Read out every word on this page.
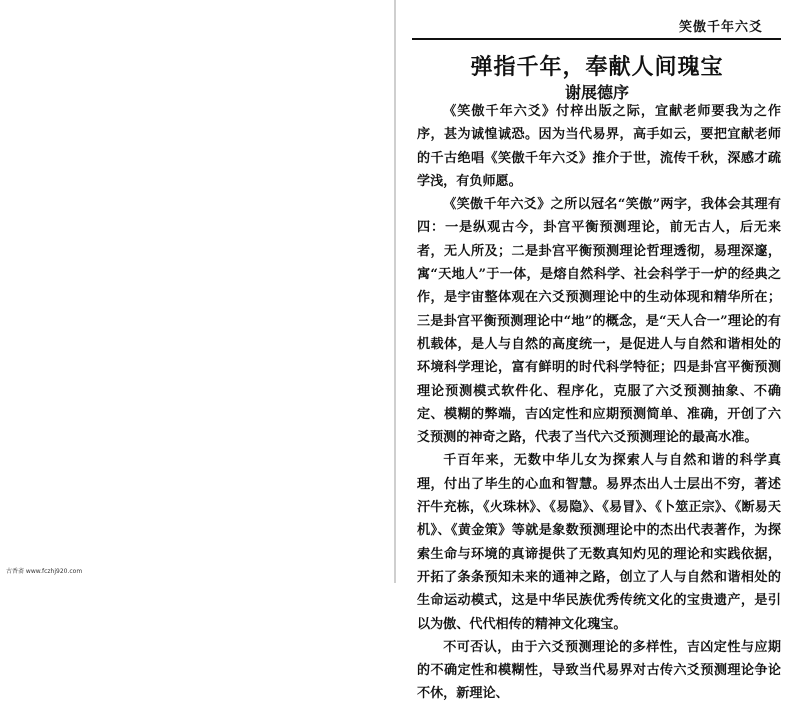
笑傲千年六爻
弹指千年，奉献人间瑰宝
谢展德序

《笑傲千年六爻》付梓出版之际，宜献老师要我为之作序，甚为诚惶诚恐。因为当代易界，高手如云，要把宜献老师的千古绝唱《笑傲千年六爻》推介于世，流传千秋，深感才疏学浅，有负师愿。

《笑傲千年六爻》之所以冠名“笑傲”两字，我体会其理有四：一是纵观古今，卦宫平衡预测理论，前无古人，后无来者，无人所及；二是卦宫平衡预测理论哲理透彻，易理深邃，寓“天地人”于一体，是熔自然科学、社会科学于一炉的经典之作，是宇宙整体观在六爻预测理论中的生动体现和精华所在；三是卦宫平衡预测理论中“地”的概念，是“天人合一”理论的有机载体，是人与自然的高度统一，是促进人与自然和谐相处的环境科学理论，富有鲜明的时代科学特征；四是卦宫平衡预测理论预测模式软件化、程序化，克服了六爻预测抽象、不确定、模糊的弊端，吉凶定性和应期预测简单、准确，开创了六爻预测的神奇之路，代表了当代六爻预测理论的最高水准。

千百年来，无数中华儿女为探索人与自然和谐的科学真理，付出了毕生的心血和智慧。易界杰出人士层出不穷，著述汗牛充栋，《火珠林》、《易隐》、《易冒》、《卜筮正宗》、《断易天机》、《黄金策》等就是象数预测理论中的杰出代表著作，为探索生命与环境的真谛提供了无数真知灼见的理论和实践依据，开拓了条条预知未来的通神之路，创立了人与自然和谐相处的生命运动模式，这是中华民族优秀传统文化的宝贵遗产，是引以为傲、代代相传的精神文化瑰宝。

不可否认，由于六爻预测理论的多样性，吉凶定性与应期的不确定性和模糊性，导致当代易界对古传六爻预测理论争论不休，新理论、

古香斋 www.fczhj920.com
